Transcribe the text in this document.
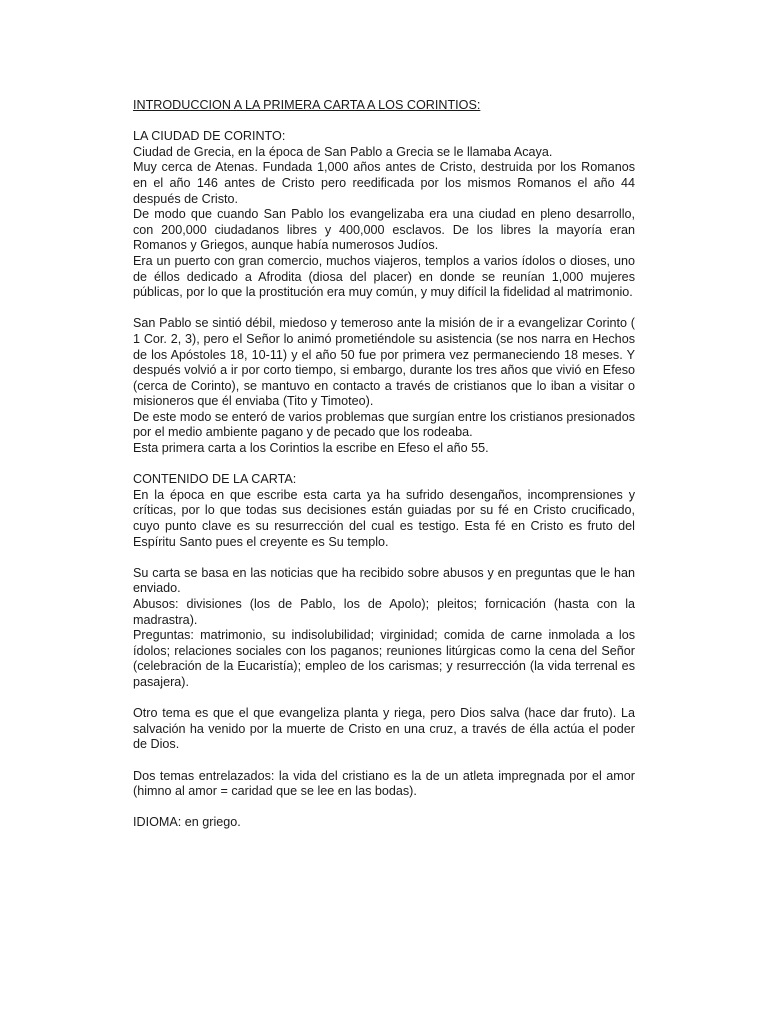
INTRODUCCION A LA PRIMERA CARTA A LOS CORINTIOS:

LA CIUDAD DE CORINTO:

Ciudad de Grecia, en la época de San Pablo a Grecia se le llamaba Acaya.

Muy cerca de Atenas. Fundada 1,000 años antes de Cristo, destruida por los Romanos en el año 146 antes de Cristo pero reedificada por los mismos Romanos el año 44 después de Cristo.

De modo que cuando San Pablo los evangelizaba era una ciudad en pleno desarrollo, con 200,000 ciudadanos libres y 400,000 esclavos. De los libres la mayoría eran Romanos y Griegos, aunque había numerosos Judíos.

Era un puerto con gran comercio, muchos viajeros, templos a varios ídolos o dioses, uno de éllos dedicado a Afrodita (diosa del placer) en donde se reunían 1,000 mujeres públicas, por lo que la prostitución era muy común, y muy difícil la fidelidad al matrimonio.

San Pablo se sintió débil, miedoso y temeroso ante la misión de ir a evangelizar Corinto ( 1 Cor. 2, 3), pero el Señor lo animó prometiéndole su asistencia (se nos narra en Hechos de los Apóstoles 18, 10-11) y el año 50 fue por primera vez permaneciendo 18 meses. Y después volvió a ir por corto tiempo, si embargo, durante los tres años que vivió en Efeso (cerca de Corinto), se mantuvo en contacto a través de cristianos que lo iban a visitar o misioneros que él enviaba (Tito y Timoteo).

De este modo se enteró de varios problemas que surgían entre los cristianos presionados por el medio ambiente pagano y de pecado que los rodeaba.

Esta primera carta a los Corintios la escribe en Efeso el año 55.

CONTENIDO DE LA CARTA:

En la época en que escribe esta carta ya ha sufrido desengaños, incomprensiones y críticas, por lo que todas sus decisiones están guiadas por su fé en Cristo crucificado, cuyo punto clave es su resurrección del cual es testigo. Esta fé en Cristo es fruto del Espíritu Santo pues el creyente es Su templo.

Su carta se basa en las noticias que ha recibido sobre abusos y en preguntas que le han enviado.

Abusos: divisiones (los de Pablo, los de Apolo); pleitos; fornicación (hasta con la madrastra).

Preguntas: matrimonio, su indisolubilidad; virginidad; comida de carne inmolada a los ídolos; relaciones sociales con los paganos; reuniones litúrgicas como la cena del Señor (celebración de la Eucaristía); empleo de los carismas; y resurrección (la vida terrenal es pasajera).

Otro tema es que el que evangeliza planta y riega, pero Dios salva (hace dar fruto). La salvación ha venido por la muerte de Cristo en una cruz, a través de élla actúa el poder de Dios.

Dos temas entrelazados: la vida del cristiano es la de un atleta impregnada por el amor (himno al amor = caridad que se lee en las bodas).

IDIOMA: en griego.
